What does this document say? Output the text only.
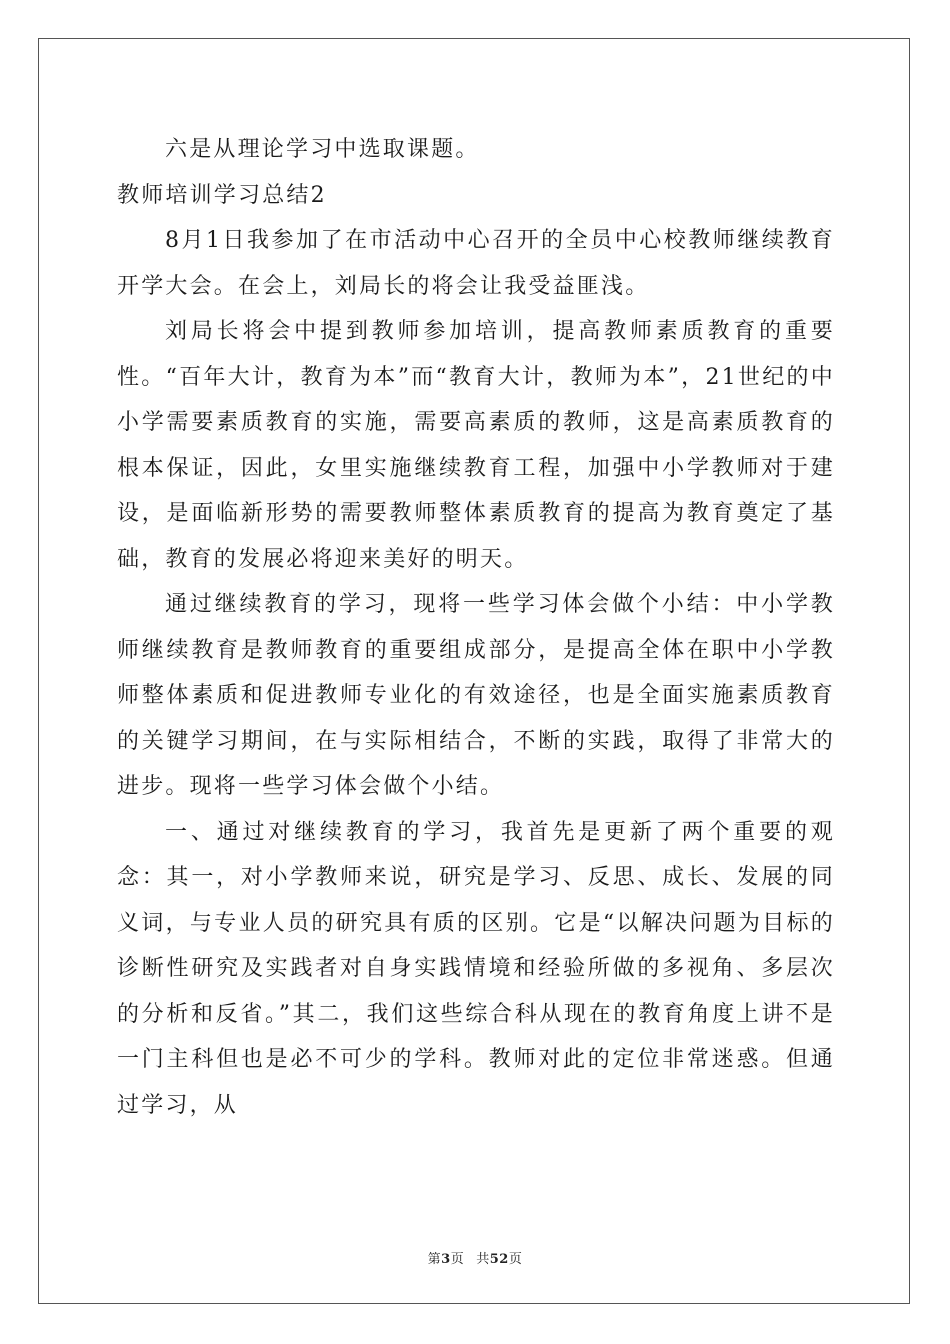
六是从理论学习中选取课题。

教师培训学习总结2

8月1日我参加了在市活动中心召开的全员中心校教师继续教育开学大会。在会上，刘局长的将会让我受益匪浅。

刘局长将会中提到教师参加培训，提高教师素质教育的重要性。“百年大计，教育为本”而“教育大计，教师为本”，21世纪的中小学需要素质教育的实施，需要高素质的教师，这是高素质教育的根本保证，因此，女里实施继续教育工程，加强中小学教师对于建设，是面临新形势的需要教师整体素质教育的提高为教育奠定了基础，教育的发展必将迎来美好的明天。

通过继续教育的学习，现将一些学习体会做个小结：中小学教师继续教育是教师教育的重要组成部分，是提高全体在职中小学教师整体素质和促进教师专业化的有效途径，也是全面实施素质教育的关键学习期间，在与实际相结合，不断的实践，取得了非常大的进步。现将一些学习体会做个小结。

一、通过对继续教育的学习，我首先是更新了两个重要的观念：其一，对小学教师来说，研究是学习、反思、成长、发展的同义词，与专业人员的研究具有质的区别。它是“以解决问题为目标的诊断性研究及实践者对自身实践情境和经验所做的多视角、多层次的分析和反省。”其二，我们这些综合科从现在的教育角度上讲不是一门主科但也是必不可少的学科。教师对此的定位非常迷惑。但通过学习，从

第3页 共52页
